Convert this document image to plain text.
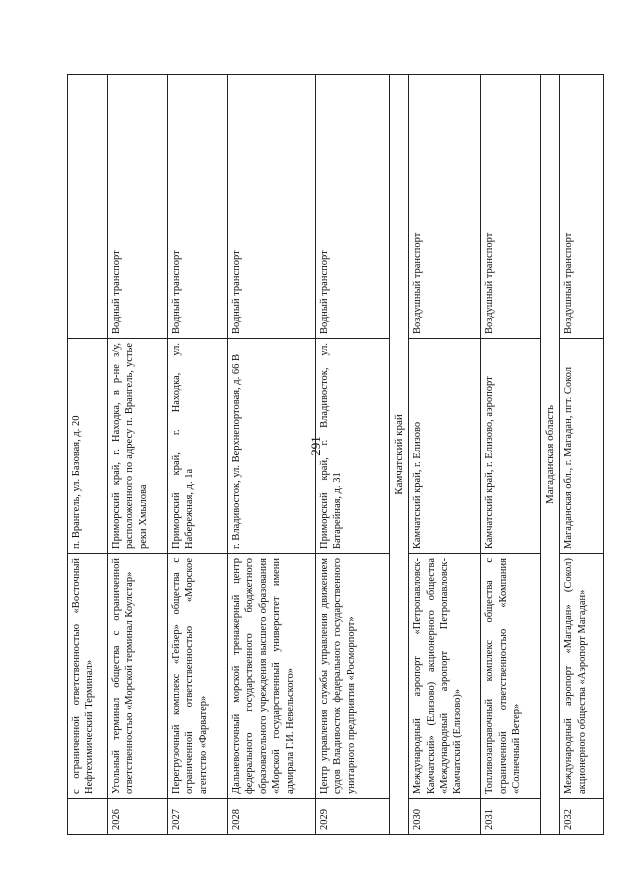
291
	с ограниченной ответственностью «Восточный Нефтехимический Терминал»	п. Врангель, ул. Базовая, д. 20	
2026	Угольный терминал общества с ограниченной ответственностью «Морской терминал Коулстар»	Приморский край, г. Находка, в р-не з/у, расположенного по адресу п. Врангель, устье реки Хмылова	Водный транспорт
2027	Перегрузочный комплекс «Гейзер» общества с ограниченной ответственностью «Морское агентство «Фарватер»	Приморский край, г. Находка, ул. Набережная, д. 1а	Водный транспорт
2028	Дальневосточный морской тренажерный центр федерального государственного бюджетного образовательного учреждения высшего образования «Морской государственный университет имени адмирала Г.И. Невельского»	г. Владивосток, ул. Верхнепортовая, д. 66 В	Водный транспорт
2029	Центр управления службы управления движением судов Владивосток федерального государственного унитарного предприятия «Росморпорт»	Приморский край, г. Владивосток, ул. Батарейная, д. 31	Водный транспорт
Камчатский край			
2030	Международный аэропорт «Петропавловск-Камчатский» (Елизово) акционерного общества «Международный аэропорт Петропавловск-Камчатский (Елизово)»	Камчатский край, г. Елизово	Воздушный транспорт
2031	Топливозаправочный комплекс общества с ограниченной ответственностью «Компания «Солнечный Ветер»	Камчатский край, г. Елизово, аэропорт	Воздушный транспорт
Магаданская область			
2032	Международный аэропорт «Магадан» (Сокол) акционерного общества «Аэропорт Магадан»	Магаданская обл., г. Магадан, пгт. Сокол	Воздушный транспорт
